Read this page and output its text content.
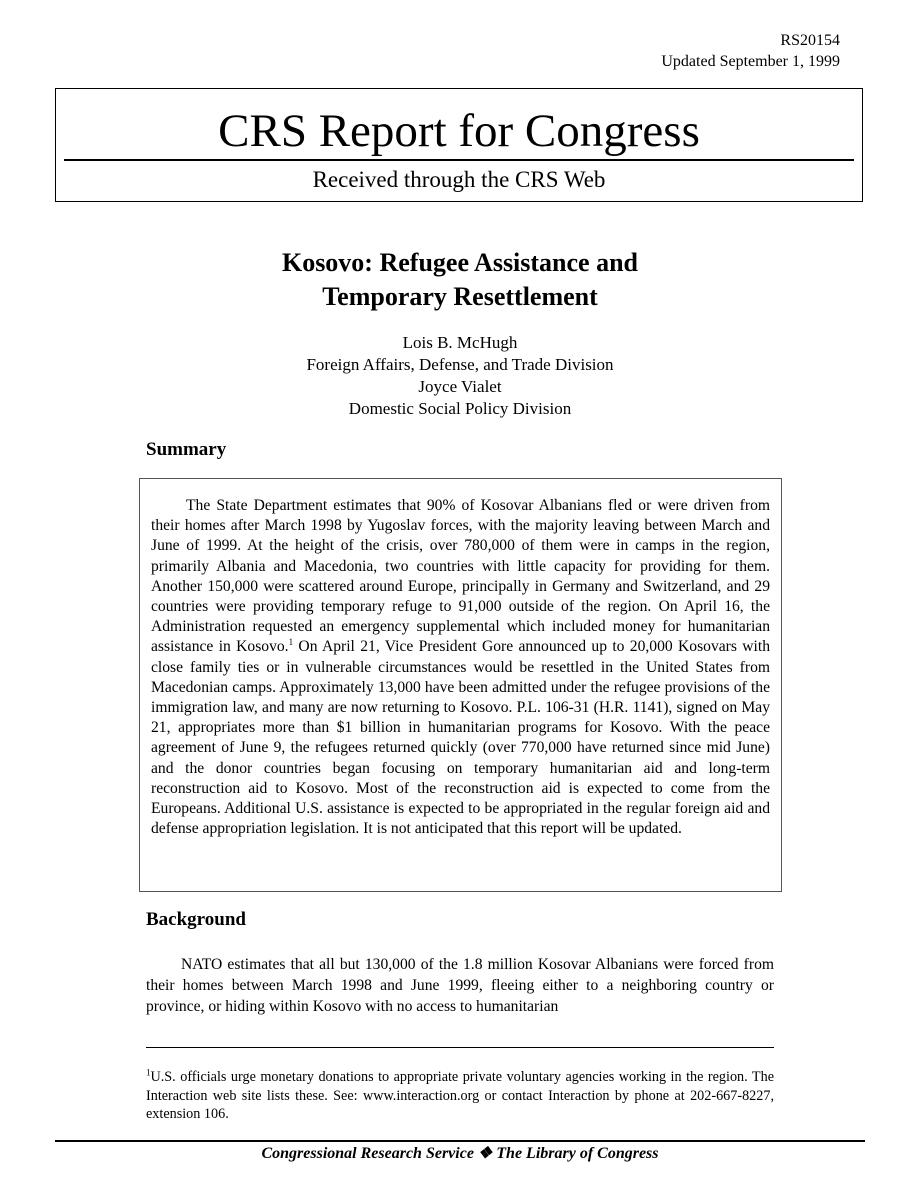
RS20154
Updated September 1, 1999
CRS Report for Congress
Received through the CRS Web
Kosovo: Refugee Assistance and
Temporary Resettlement
Lois B. McHugh
Foreign Affairs, Defense, and Trade Division
Joyce Vialet
Domestic Social Policy Division
Summary

The State Department estimates that 90% of Kosovar Albanians fled or were driven from their homes after March 1998 by Yugoslav forces, with the majority leaving between March and June of 1999. At the height of the crisis, over 780,000 of them were in camps in the region, primarily Albania and Macedonia, two countries with little capacity for providing for them. Another 150,000 were scattered around Europe, principally in Germany and Switzerland, and 29 countries were providing temporary refuge to 91,000 outside of the region. On April 16, the Administration requested an emergency supplemental which included money for humanitarian assistance in Kosovo.$^1$ On April 21, Vice President Gore announced up to 20,000 Kosovars with close family ties or in vulnerable circumstances would be resettled in the United States from Macedonian camps. Approximately 13,000 have been admitted under the refugee provisions of the immigration law, and many are now returning to Kosovo. P.L. 106-31 (H.R. 1141), signed on May 21, appropriates more than $1 billion in humanitarian programs for Kosovo. With the peace agreement of June 9, the refugees returned quickly (over 770,000 have returned since mid June) and the donor countries began focusing on temporary humanitarian aid and long-term reconstruction aid to Kosovo. Most of the reconstruction aid is expected to come from the Europeans. Additional U.S. assistance is expected to be appropriated in the regular foreign aid and defense appropriation legislation. It is not anticipated that this report will be updated.

Background

NATO estimates that all but 130,000 of the 1.8 million Kosovar Albanians were forced from their homes between March 1998 and June 1999, fleeing either to a neighboring country or province, or hiding within Kosovo with no access to humanitarian

$^1$U.S. officials urge monetary donations to appropriate private voluntary agencies working in the region. The Interaction web site lists these. See: www.interaction.org or contact Interaction by phone at 202-667-8227, extension 106.

Congressional Research Service ❖ The Library of Congress
